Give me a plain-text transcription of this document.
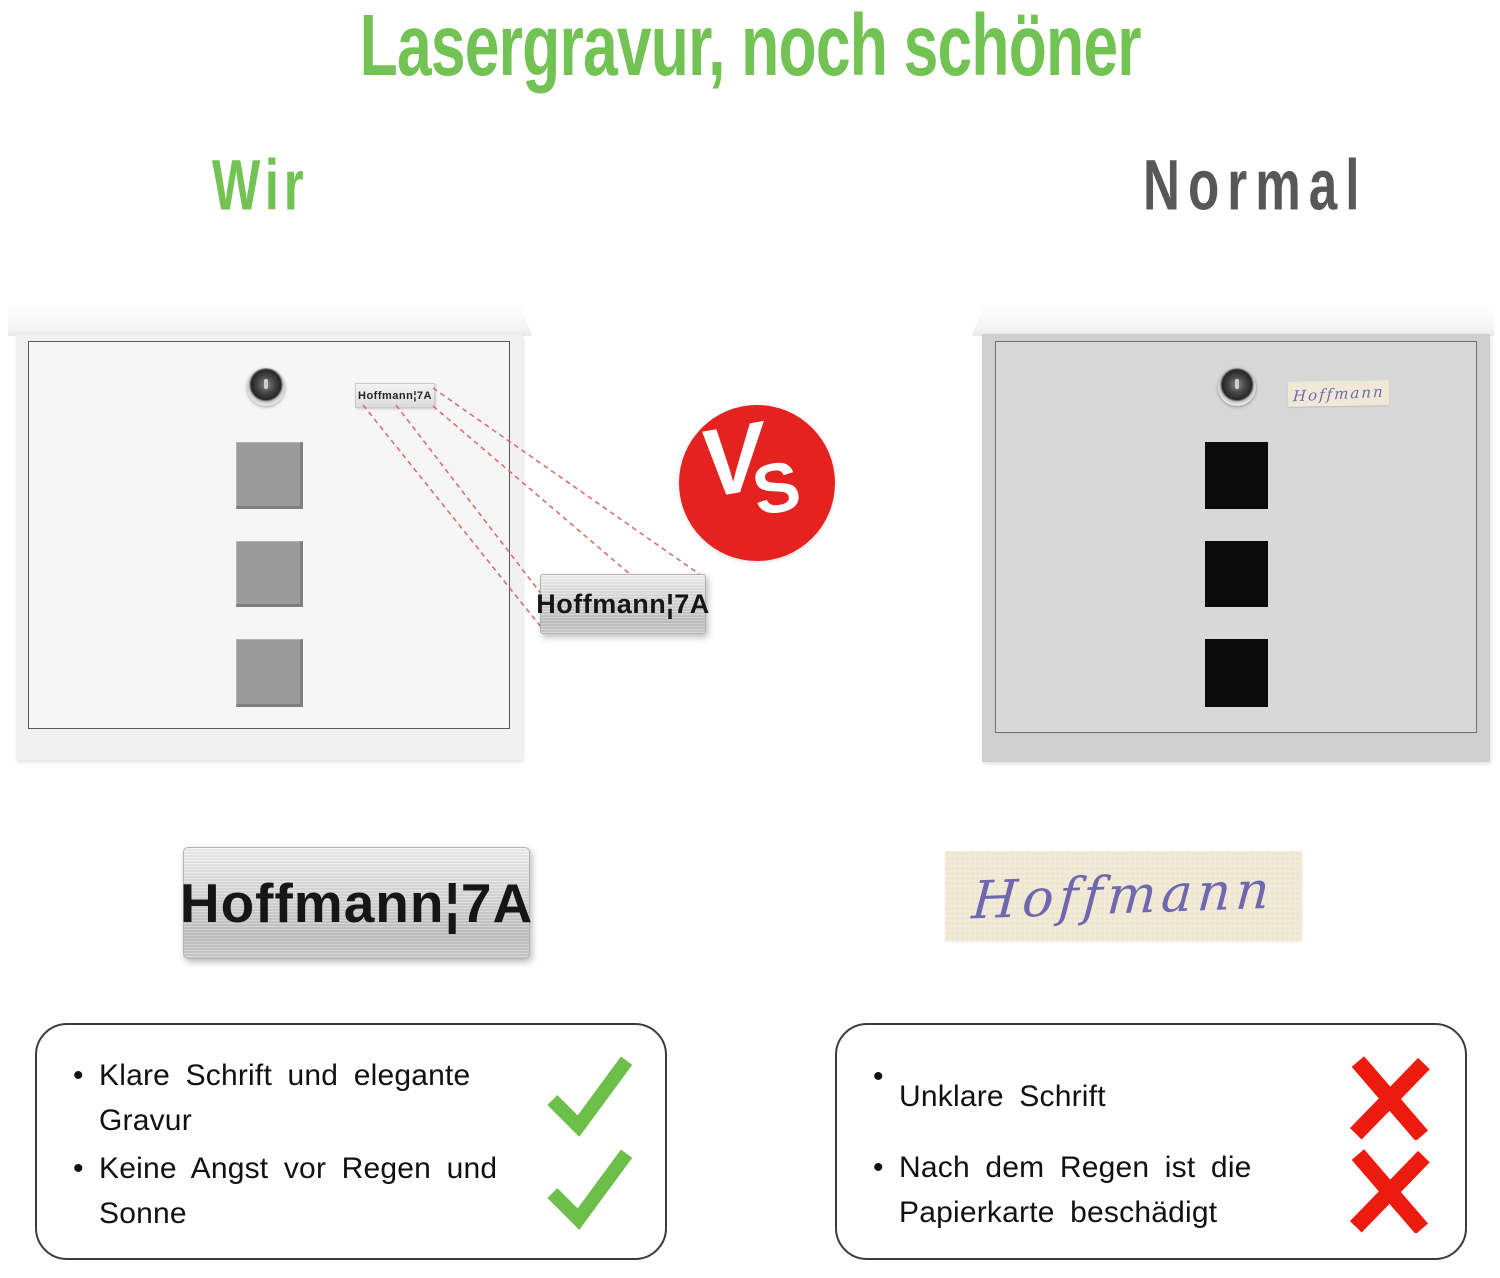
Lasergravur, noch schöner
Wir	Normal
Hoffmann¦7A	Hoffmann
Hoffmann¦7A
V
S
Hoffmann¦7A	Hoffmann
• Klare Schrift und elegante
Gravur
• Keine Angst vor Regen und
Sonne
•
Unklare Schrift
• Nach dem Regen ist die
Papierkarte beschädigt
